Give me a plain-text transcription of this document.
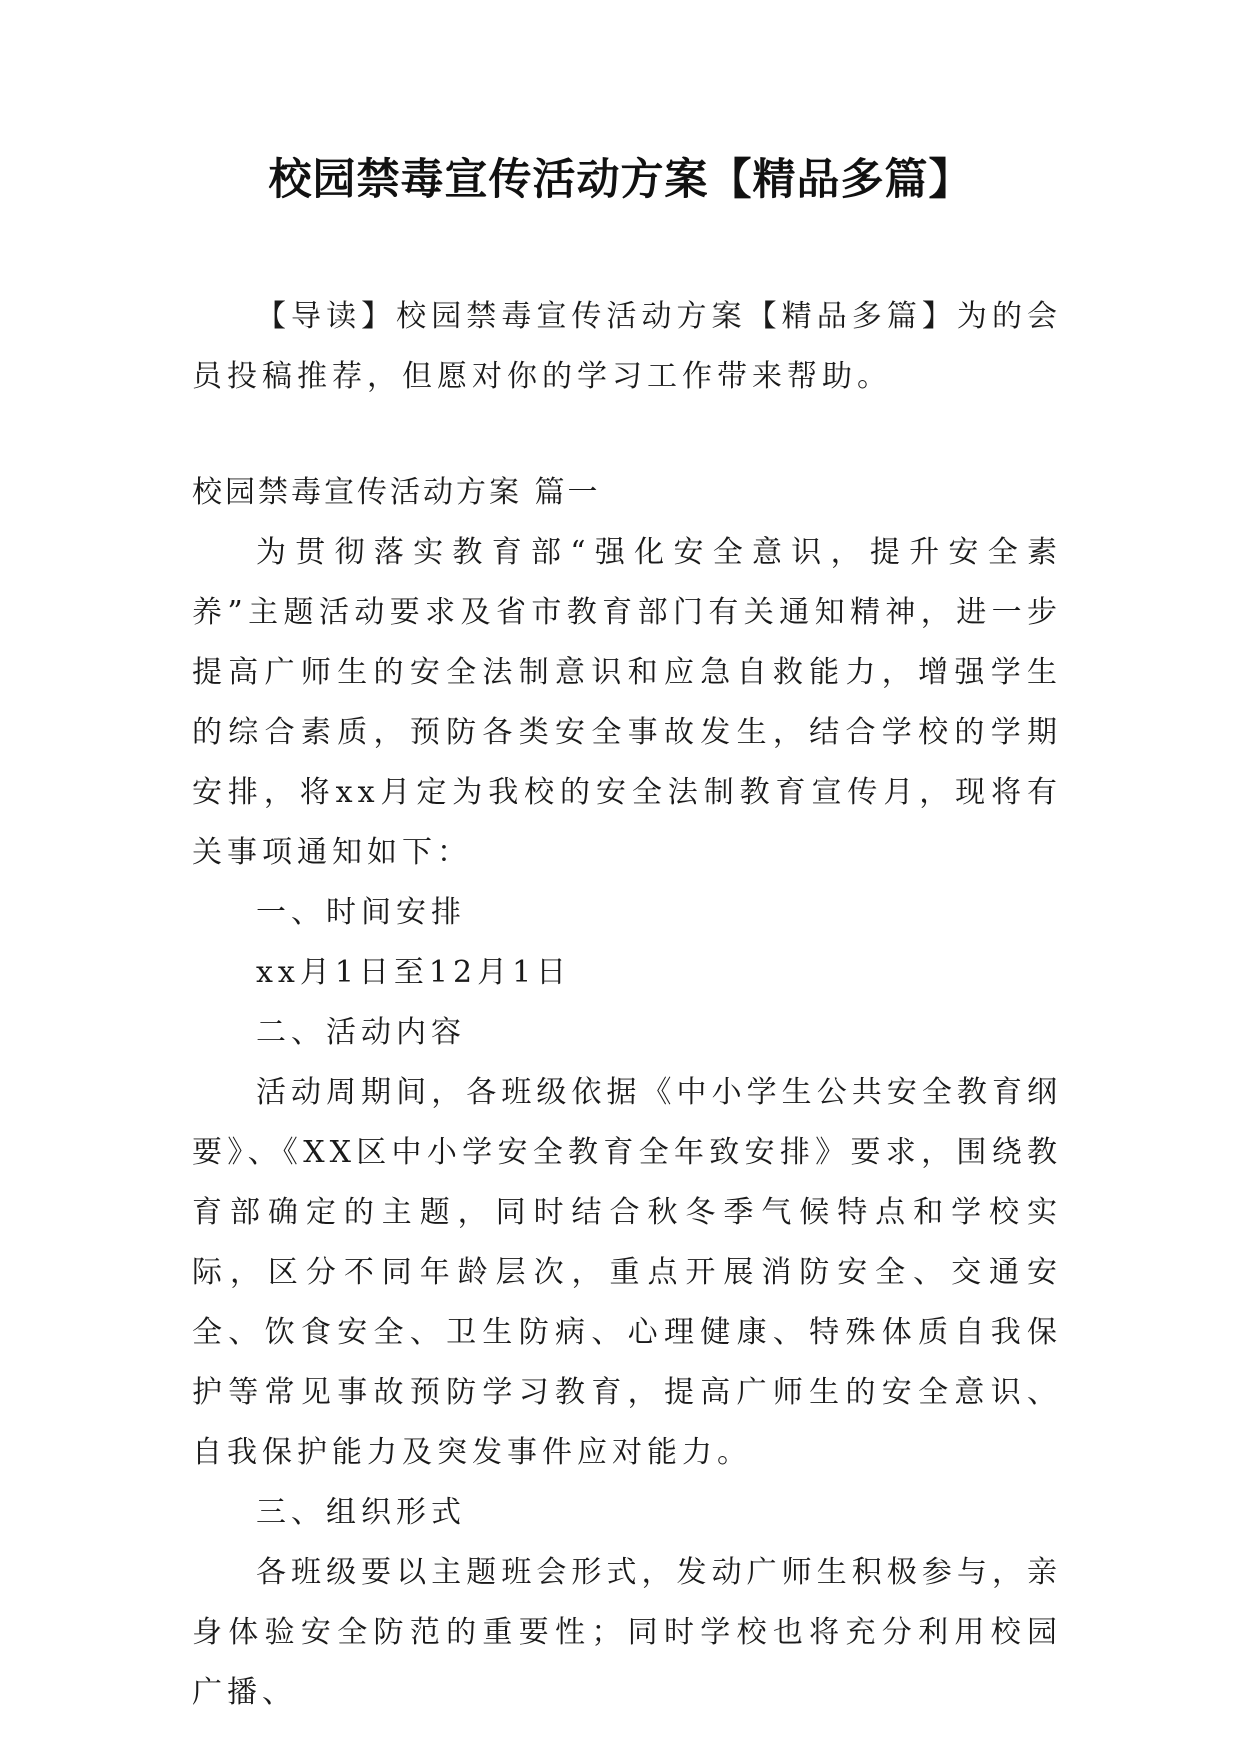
校园禁毒宣传活动方案【精品多篇】

【导读】校园禁毒宣传活动方案【精品多篇】为的会员投稿推荐，但愿对你的学习工作带来帮助。

校园禁毒宣传活动方案 篇一

为贯彻落实教育部“强化安全意识，提升安全素养”主题活动要求及省市教育部门有关通知精神，进一步提高广师生的安全法制意识和应急自救能力，增强学生的综合素质，预防各类安全事故发生，结合学校的学期安排，将xx月定为我校的安全法制教育宣传月，现将有关事项通知如下：

一、时间安排

xx月1日至12月1日

二、活动内容

活动周期间，各班级依据《中小学生公共安全教育纲要》、《XX区中小学安全教育全年致安排》要求，围绕教育部确定的主题，同时结合秋冬季气候特点和学校实际，区分不同年龄层次，重点开展消防安全、交通安全、饮食安全、卫生防病、心理健康、特殊体质自我保护等常见事故预防学习教育，提高广师生的安全意识、自我保护能力及突发事件应对能力。

三、组织形式

各班级要以主题班会形式，发动广师生积极参与，亲身体验安全防范的重要性；同时学校也将充分利用校园广播、
